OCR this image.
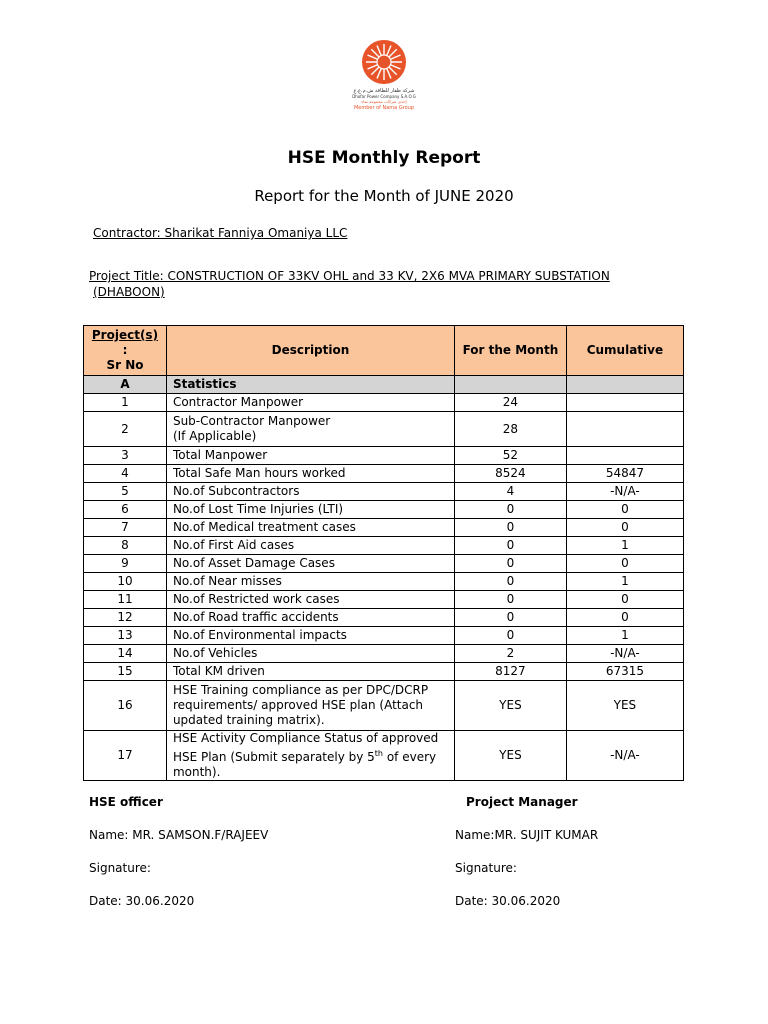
شركة ظفار للطاقة ش.م.ع.ع
Dhofar Power Company S.A.O.G
إحدى شركات مجموعة نماء
Member of Nama Group
HSE Monthly Report
Report for the Month of JUNE 2020
Contractor: Sharikat Fanniya Omaniya LLC
Project Title: CONSTRUCTION OF 33KV OHL and 33 KV, 2X6 MVA PRIMARY SUBSTATION
(DHABOON)
Project(s)
:
Sr No	Description	For the Month	Cumulative
A	Statistics		
1	Contractor Manpower	24	
2	Sub-Contractor Manpower (If Applicable)	28	
3	Total Manpower	52	
4	Total Safe Man hours worked	8524	54847
5	No.of Subcontractors	4	-N/A-
6	No.of Lost Time Injuries (LTI)	0	0
7	No.of Medical treatment cases	0	0
8	No.of First Aid cases	0	1
9	No.of Asset Damage Cases	0	0
10	No.of Near misses	0	1
11	No.of Restricted work cases	0	0
12	No.of Road traffic accidents	0	0
13	No.of Environmental impacts	0	1
14	No.of Vehicles	2	-N/A-
15	Total KM driven	8127	67315
16	HSE Training compliance as per DPC/DCRP requirements/ approved HSE plan (Attach updated training matrix).	YES	YES
17	HSE Activity Compliance Status of approved HSE Plan (Submit separately by 5th of every month).	YES	-N/A-
HSE officer	Project Manager
Name: MR. SAMSON.F/RAJEEV	Name:MR. SUJIT KUMAR
Signature:	Signature:
Date: 30.06.2020	Date: 30.06.2020
